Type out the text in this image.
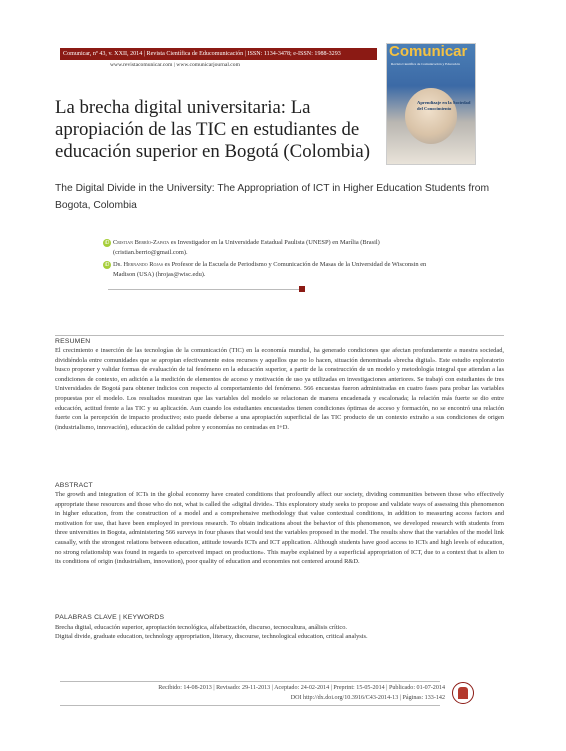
Comunicar, nº 43, v. XXII, 2014 | Revista Científica de Educomunicación | ISSN: 1134-3478; e-ISSN: 1988-3293
www.revistacomunicar.com | www.comunicarjournal.com
Comunicar
Revista Científica de Comunicación y Educación
Aprendizaje en la Sociedad del Conocimiento
La brecha digital universitaria: La apropiación de las TIC en estudiantes de educación superior en Bogotá (Colombia)
The Digital Divide in the University: The Appropriation of ICT in Higher Education Students from Bogota, Colombia
iD Cristian Berrío-Zapata es Investigador en la Universidade Estadual Paulista (UNESP) en Marília (Brasil) (cristian.berrio@gmail.com).
iD Dr. Hernando Rojas es Profesor de la Escuela de Periodismo y Comunicación de Masas de la Universidad de Wisconsin en Madison (USA) (hrojas@wisc.edu).
RESUMEN
El crecimiento e inserción de las tecnologías de la comunicación (TIC) en la economía mundial, ha generado condiciones que afectan profundamente a nuestra sociedad, dividiéndola entre comunidades que se apropian efectivamente estos recursos y aquellos que no lo hacen, situación denominada «brecha digital». Este estudio exploratorio busco proponer y validar formas de evaluación de tal fenómeno en la educación superior, a partir de la construcción de un modelo y metodología integral que atiendan a las condiciones de contexto, en adición a la medición de elementos de acceso y motivación de uso ya utilizadas en investigaciones anteriores. Se trabajó con estudiantes de tres Universidades de Bogotá para obtener indicios con respecto al comportamiento del fenómeno. 566 encuestas fueron administradas en cuatro fases para probar las variables propuestas por el modelo. Los resultados muestran que las variables del modelo se relacionan de manera encadenada y escalonada; la relación más fuerte se dio entre educación, actitud frente a las TIC y su aplicación. Aun cuando los estudiantes encuestados tienen condiciones óptimas de acceso y formación, no se encontró una relación fuerte con la percepción de impacto productivo; esto puede deberse a una apropiación superficial de las TIC producto de un contexto extraño a sus condiciones de origen (industrialismo, innovación), educación de calidad pobre y economías no centradas en I+D.
ABSTRACT
The growth and integration of ICTs in the global economy have created conditions that profoundly affect our society, dividing communities between those who effectively appropriate these resources and those who do not, what is called the «digital divide». This exploratory study seeks to propose and validate ways of assessing this phenomenon in higher education, from the construction of a model and a comprehensive methodology that value contextual conditions, in addition to measuring access factors and motivation for use, that have been employed in previous research. To obtain indications about the behavior of this phenomenon, we developed research with students from three universities in Bogota, administering 566 surveys in four phases that would test the variables proposed in the model. The results show that the variables of the model link causally, with the strongest relations between education, attitude towards ICTs and ICT application. Although students have good access to ICTs and high levels of education, no strong relationship was found in regards to «perceived impact on production». This maybe explained by a superficial appropriation of ICT, due to a context that is alien to its conditions of origin (industrialism, innovation), poor quality of education and economies not centered around R&D.
PALABRAS CLAVE | KEYWORDS
Brecha digital, educación superior, apropiación tecnológica, alfabetización, discurso, tecnocultura, análisis crítico.
Digital divide, graduate education, technology appropriation, literacy, discourse, technological education, critical analysis.
Recibido: 14-08-2013 | Revisado: 29-11-2013 | Aceptado: 24-02-2014 | Preprint: 15-05-2014 | Publicado: 01-07-2014
DOI http://dx.doi.org/10.3916/C43-2014-13 | Páginas: 133-142
